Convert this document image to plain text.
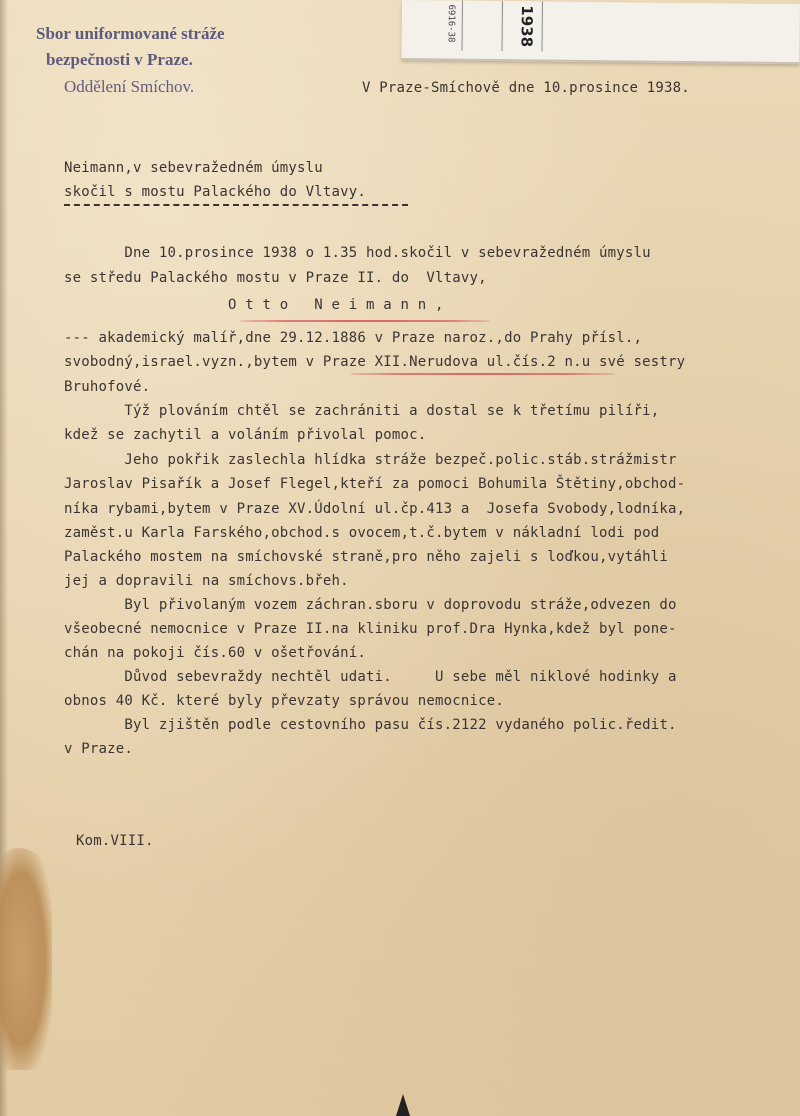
Sbor uniformované stráže
bezpečnosti v Praze.
Oddělení Smíchov.
6916-38	1938
V Praze-Smíchově dne 10.prosince 1938.
Neimann,v sebevražedném úmyslu
skočil s mostu Palackého do Vltavy.
Dne 10.prosince 1938 o 1.35 hod.skočil v sebevražedném úmyslu
se středu Palackého mostu v Praze II. do  Vltavy,
O t t o   N e i m a n n ,
--- akademický malíř,dne 29.12.1886 v Praze naroz.,do Prahy přísl.,
svobodný,israel.vyzn.,bytem v Praze XII.Nerudova ul.čís.2 n.u své sestry
Bruhofové.
Týž plováním chtěl se zachrániti a dostal se k třetímu pilíři,
kdež se zachytil a voláním přivolal pomoc.
Jeho pokřik zaslechla hlídka stráže bezpeč.polic.stáb.strážmistr
Jaroslav Pisařík a Josef Flegel,kteří za pomoci Bohumila Štětiny,obchod-
níka rybami,bytem v Praze XV.Údolní ul.čp.413 a  Josefa Svobody,lodníka,
zaměst.u Karla Farského,obchod.s ovocem,t.č.bytem v nákladní lodi pod
Palackého mostem na smíchovské straně,pro něho zajeli s loďkou,vytáhli
jej a dopravili na smíchovs.břeh.
Byl přivolaným vozem záchran.sboru v doprovodu stráže,odvezen do
všeobecné nemocnice v Praze II.na kliniku prof.Dra Hynka,kdež byl pone-
chán na pokoji čís.60 v ošetřování.
Důvod sebevraždy nechtěl udati.     U sebe měl niklové hodinky a
obnos 40 Kč. které byly převzaty správou nemocnice.
Byl zjištěn podle cestovního pasu čís.2122 vydaného polic.ředit.
v Praze.
Kom.VIII.
